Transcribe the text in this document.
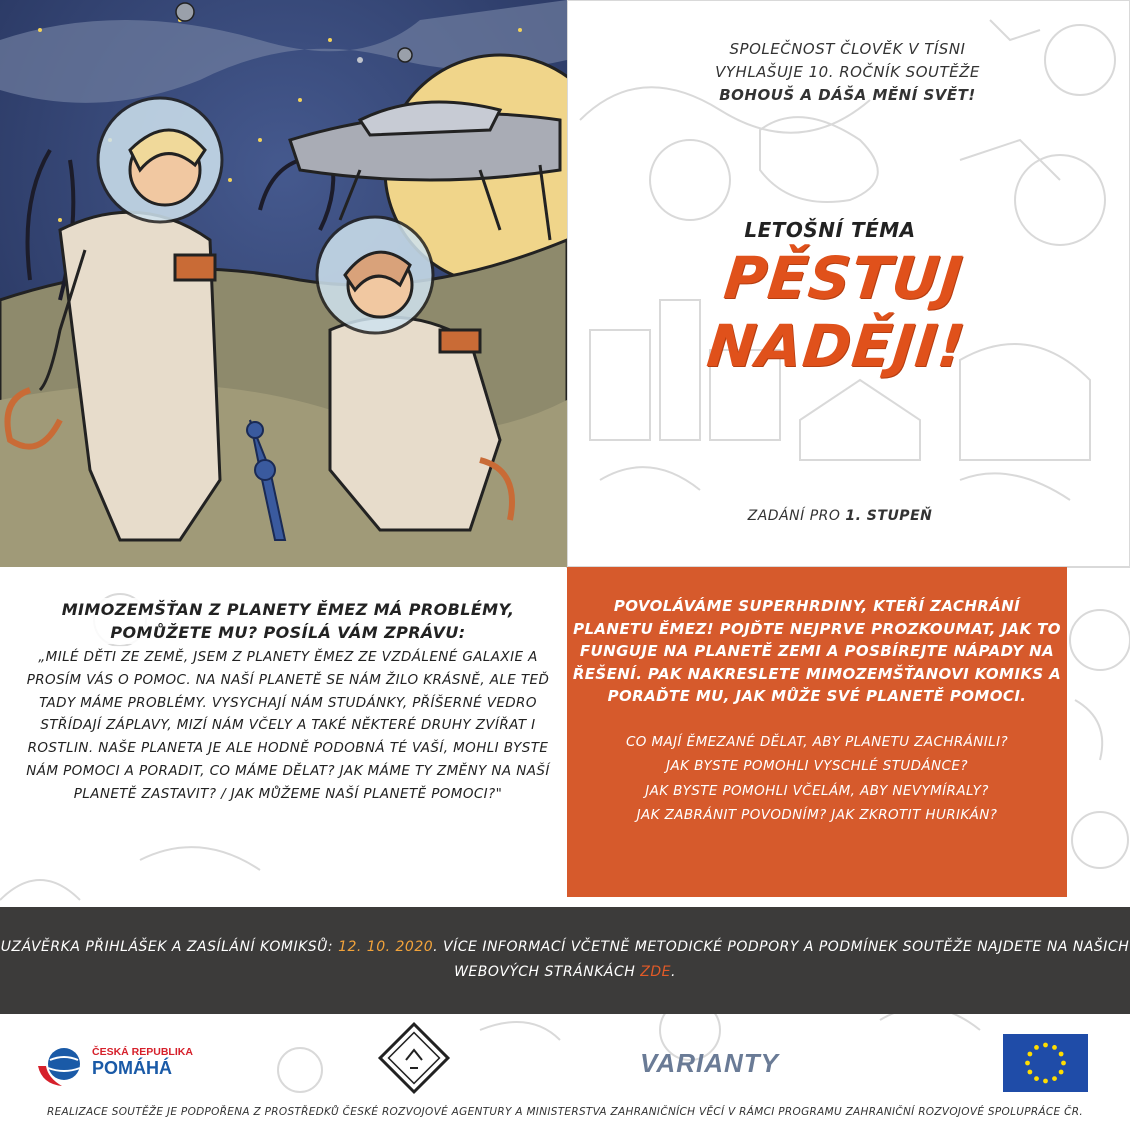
SPOLEČNOST ČLOVĚK V TÍSNI
VYHLAŠUJE 10. ROČNÍK SOUTĚŽE
BOHOUŠ A DÁŠA MĚNÍ SVĚT!
LETOŠNÍ TÉMA
PĚSTUJ NADĚJI!
ZADÁNÍ PRO 1. STUPEŇ
MIMOZEMŠŤAN Z PLANETY ĚMEZ MÁ PROBLÉMY, POMŮŽETE MU? POSÍLÁ VÁM ZPRÁVU:
„MILÉ DĚTI ZE ZEMĚ, JSEM Z PLANETY ĚMEZ ZE VZDÁLENÉ GALAXIE A PROSÍM VÁS O POMOC. NA NAŠÍ PLANETĚ SE NÁM ŽILO KRÁSNĚ, ALE TEĎ TADY MÁME PROBLÉMY. VYSYCHAJÍ NÁM STUDÁNKY, PŘÍŠERNÉ VEDRO STŘÍDAJÍ ZÁPLAVY, MIZÍ NÁM VČELY A TAKÉ NĚKTERÉ DRUHY ZVÍŘAT I ROSTLIN. NAŠE PLANETA JE ALE HODNĚ PODOBNÁ TÉ VAŠÍ, MOHLI BYSTE NÁM POMOCI A PORADIT, CO MÁME DĚLAT? JAK MÁME TY ZMĚNY NA NAŠÍ PLANETĚ ZASTAVIT? / JAK MŮŽEME NAŠÍ PLANETĚ POMOCI?"
POVOLÁVÁME SUPERHRDINY, KTEŘÍ ZACHRÁNÍ PLANETU ĚMEZ! POJĎTE NEJPRVE PROZKOUMAT, JAK TO FUNGUJE NA PLANETĚ ZEMI A POSBÍREJTE NÁPADY NA ŘEŠENÍ. PAK NAKRESLETE MIMOZEMŠŤANOVI KOMIKS A PORAĎTE MU, JAK MŮŽE SVÉ PLANETĚ POMOCI.
CO MAJÍ ĚMEZANÉ DĚLAT, ABY PLANETU ZACHRÁNILI?
JAK BYSTE POMOHLI VYSCHLÉ STUDÁNCE?
JAK BYSTE POMOHLI VČELÁM, ABY NEVYMÍRALY?
JAK ZABRÁNIT POVODNÍM? JAK ZKROTIT HURIKÁN?
UZÁVĚRKA PŘIHLÁŠEK A ZASÍLÁNÍ KOMIKSŮ: 12. 10. 2020. VÍCE INFORMACÍ VČETNĚ METODICKÉ PODPORY A PODMÍNEK SOUTĚŽE NAJDETE NA NAŠICH WEBOVÝCH STRÁNKÁCH ZDE.
ČESKÁ REPUBLIKA
POMÁHÁ	VARIANTY
REALIZACE SOUTĚŽE JE PODPOŘENA Z PROSTŘEDKŮ ČESKÉ ROZVOJOVÉ AGENTURY A MINISTERSTVA ZAHRANIČNÍCH VĚCÍ V RÁMCI PROGRAMU ZAHRANIČNÍ ROZVOJOVÉ SPOLUPRÁCE ČR.
